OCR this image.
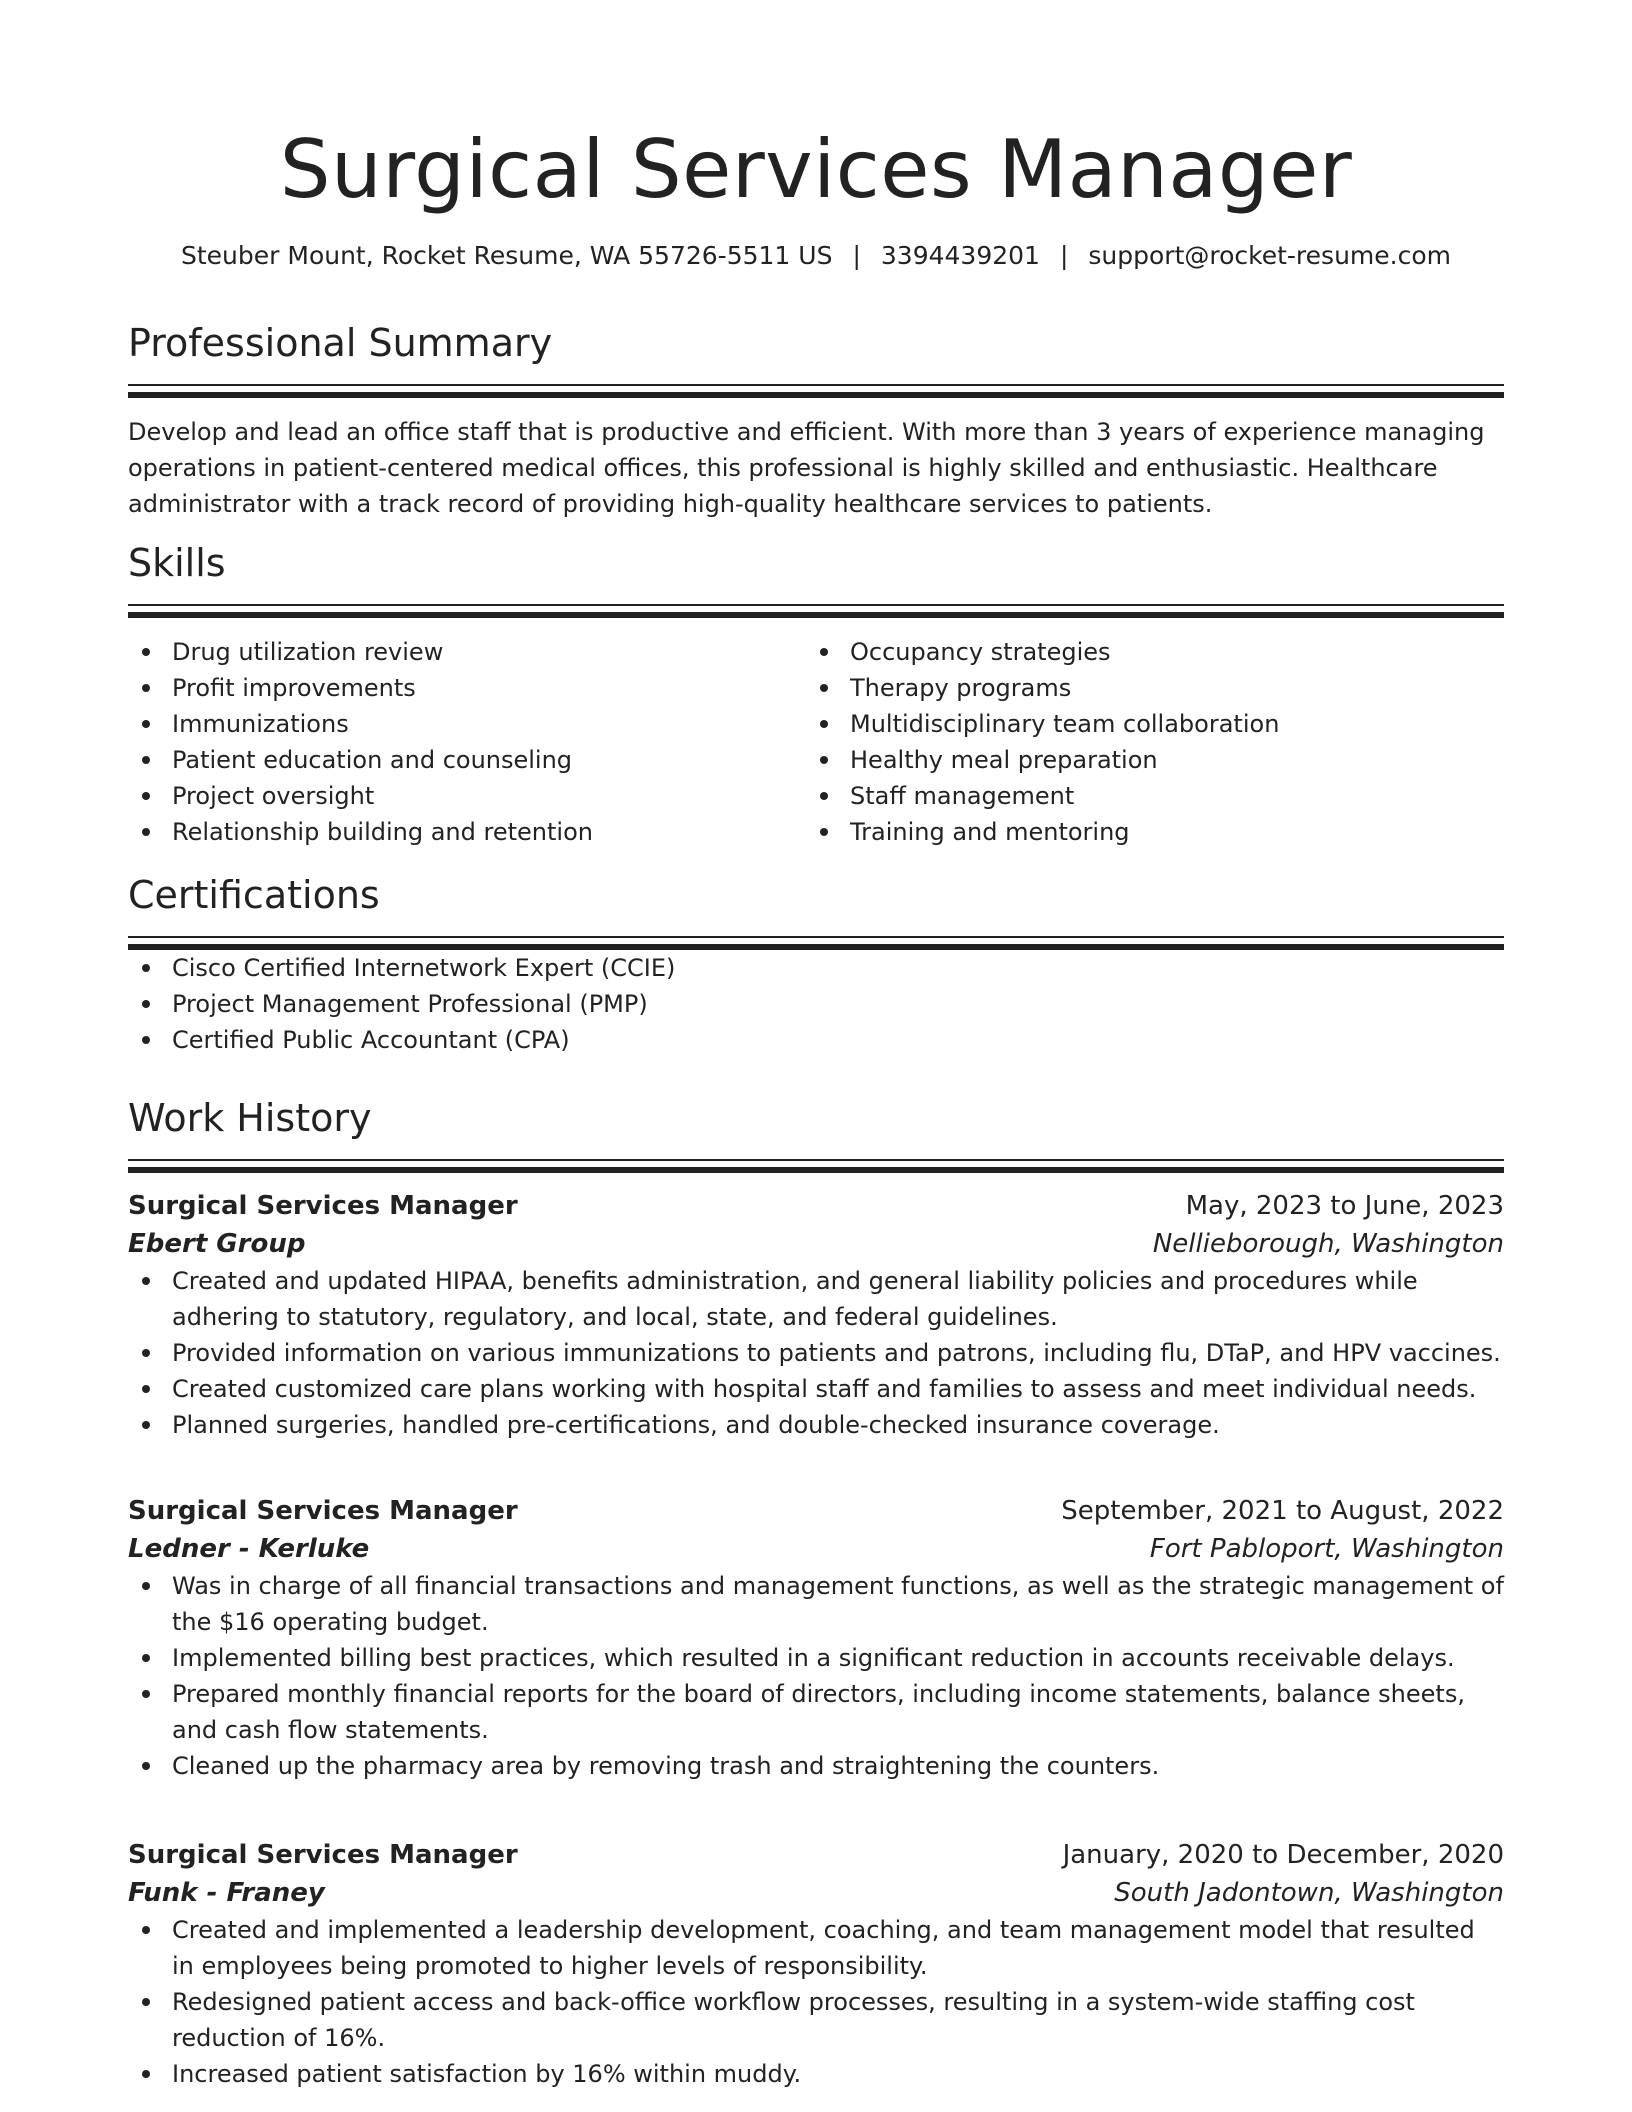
Surgical Services Manager
Steuber Mount, Rocket Resume, WA 55726-5511 US | 3394439201 | support@rocket-resume.com
Professional Summary
Develop and lead an office staff that is productive and efficient. With more than 3 years of experience managing operations in patient-centered medical offices, this professional is highly skilled and enthusiastic. Healthcare administrator with a track record of providing high-quality healthcare services to patients.
Skills
Drug utilization review
Profit improvements
Immunizations
Patient education and counseling
Project oversight
Relationship building and retention
Occupancy strategies
Therapy programs
Multidisciplinary team collaboration
Healthy meal preparation
Staff management
Training and mentoring
Certifications
Cisco Certified Internetwork Expert (CCIE)
Project Management Professional (PMP)
Certified Public Accountant (CPA)
Work History
Surgical Services Manager	May, 2023 to June, 2023
Ebert Group	Nellieborough, Washington
Created and updated HIPAA, benefits administration, and general liability policies and procedures while adhering to statutory, regulatory, and local, state, and federal guidelines.
Provided information on various immunizations to patients and patrons, including flu, DTaP, and HPV vaccines.
Created customized care plans working with hospital staff and families to assess and meet individual needs.
Planned surgeries, handled pre-certifications, and double-checked insurance coverage.
Surgical Services Manager	September, 2021 to August, 2022
Ledner - Kerluke	Fort Pabloport, Washington
Was in charge of all financial transactions and management functions, as well as the strategic management of the $16 operating budget.
Implemented billing best practices, which resulted in a significant reduction in accounts receivable delays.
Prepared monthly financial reports for the board of directors, including income statements, balance sheets, and cash flow statements.
Cleaned up the pharmacy area by removing trash and straightening the counters.
Surgical Services Manager	January, 2020 to December, 2020
Funk - Franey	South Jadontown, Washington
Created and implemented a leadership development, coaching, and team management model that resulted in employees being promoted to higher levels of responsibility.
Redesigned patient access and back-office workflow processes, resulting in a system-wide staffing cost reduction of 16%.
Increased patient satisfaction by 16% within muddy.
